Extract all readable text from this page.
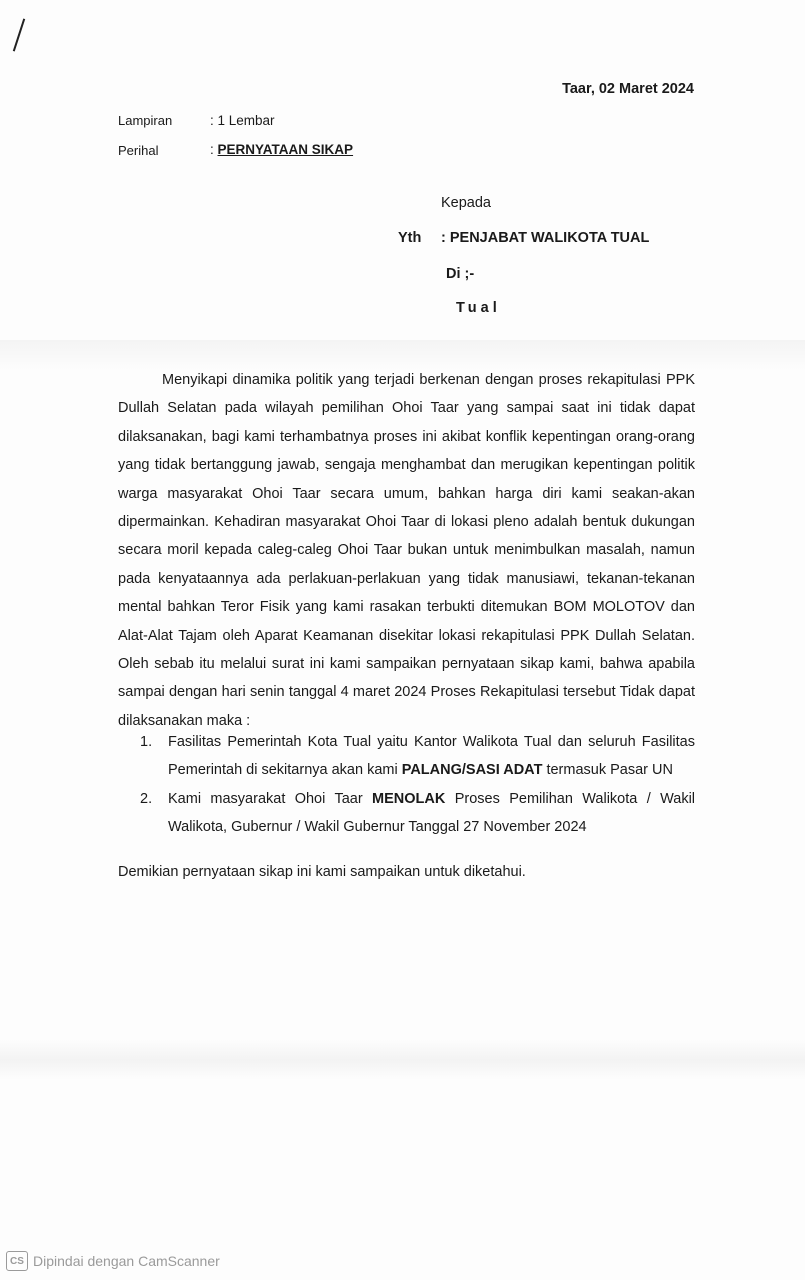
Taar, 02 Maret 2024
Lampiran	: 1 Lembar
Perihal	: PERNYATAAN SIKAP
Kepada
Yth : PENJABAT WALIKOTA TUAL
Di ;-
Tual
Menyikapi dinamika politik yang terjadi berkenan dengan proses rekapitulasi PPK Dullah Selatan pada wilayah pemilihan Ohoi Taar yang sampai saat ini tidak dapat dilaksanakan, bagi kami terhambatnya proses ini akibat konflik kepentingan orang-orang yang tidak bertanggung jawab, sengaja menghambat dan merugikan kepentingan politik warga masyarakat Ohoi Taar secara umum, bahkan harga diri kami seakan-akan dipermainkan. Kehadiran masyarakat Ohoi Taar di lokasi pleno adalah bentuk dukungan secara moril kepada caleg-caleg Ohoi Taar bukan untuk menimbulkan masalah, namun pada kenyataannya ada perlakuan-perlakuan yang tidak manusiawi, tekanan-tekanan mental bahkan Teror Fisik yang kami rasakan terbukti ditemukan BOM MOLOTOV dan Alat-Alat Tajam oleh Aparat Keamanan disekitar lokasi rekapitulasi PPK Dullah Selatan. Oleh sebab itu melalui surat ini kami sampaikan pernyataan sikap kami, bahwa apabila sampai dengan hari senin tanggal 4 maret 2024 Proses Rekapitulasi tersebut Tidak dapat dilaksanakan maka :
1.	Fasilitas Pemerintah Kota Tual yaitu Kantor Walikota Tual dan seluruh Fasilitas Pemerintah di sekitarnya akan kami PALANG/SASI ADAT termasuk Pasar UN
2.	Kami masyarakat Ohoi Taar MENOLAK Proses Pemilihan Walikota / Wakil Walikota, Gubernur / Wakil Gubernur Tanggal 27 November 2024
Demikian pernyataan sikap ini kami sampaikan untuk diketahui.
CS Dipindai dengan CamScanner
